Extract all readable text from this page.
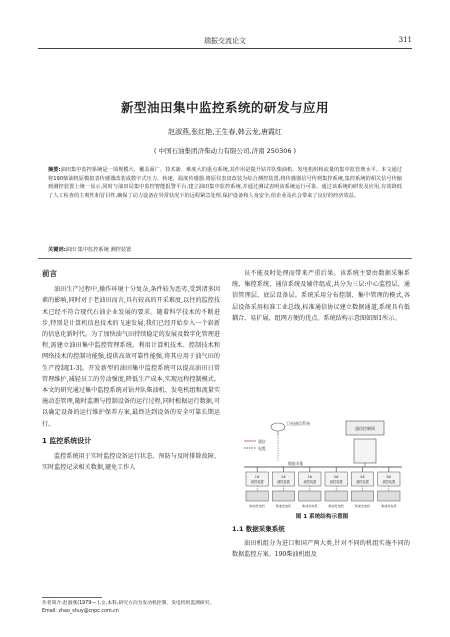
瑞振交流论文	311
新型油田集中监控系统的研发与应用
赵淑燕,张红艳,王生春,韩云龙,唐霞红
( 中国石油集团济柴动力有限公司,济南 250306 )
摘要:油田集中监控系统是一项规模大、覆盖面广、技术新、难度大的重点系统,其作用是提升钻井队柴油机、发电机组和流量的集中监管理水平。本文通过将190柴油机原模拟表传感器改装成数字式压力、转速、温度传感器,将原仪表盘改装为综合测控装置,将传感器信号传到集控系统,集控系统的相关信号传输到测控装置上统一显示,同时与油田局集中监控智能报警平台,建立油田集中监控系统,并通过测试表明该系统运行可靠。通过该系统的研发及应用,有效降低了人工检查的主观性和冒目性,确保了动力设备在异常状况下的远程紧急处理,保护设备和人身安全,给企业及社会带来了良好的经济效益。
关键词:油田 集中监控系统 测控装置
前言

油田生产过程中,操作环境十分复杂,条件较为恶劣,受到诸多因素的影响,同时对于老油田而言,具有较高的开采难度,以往的监控技术已经不符合现代石油企业发展的要求。随着科学技术的不断进步,特别是计算机信息技术的飞速发展,我们已经开始步入一个崭新的信息化新时代。为了加快油气田持续稳定的发展及数字化管理进程,需建立油田集中监控管理系统。利用计算机技术、控制技术和网络技术的控制功能强,提供高效可靠性能强,将其应用于油气田的生产控制[1-3]。开发新型的油田集中监控系统可以提高油田日常管理维护,减轻员工的劳动强度,降低生产成本,实现远程控制模式。本文的研究通过集中监控系统对钻井队柴油机、发电机组和流量实施动态管理,随时监测与控制设备的运行过程,同时根据运行数据,可以确定设备的运行维护保养方案,最终达到设备的安全可靠长期运行。

1 监控系统设计

监控系统用于实时监控设备运行状态、预防与及时排除故障、实时监控记录相关数据,避免工作人

员不能及时处理而带来严重后果。该系统主要由数据采集系统、集控系统、通信系统及辅伴组成,共分为三层:中心监控层、通信管理层、底层设备层。系统采用分布控制、集中管理的模式,各层设备采用标准工业总线,标准通信协议建立数据通道,系统具有低耦合、易扩展、组网方便的优点。系统结构示意图如图1所示。

卫星通信系统
通信控制网
通信
电缆
数据采集
1#
测控装置
柴油发电机
2#
测控装置
柴油发电机
3#
测控装置
柴油发电机
4#
测控装置
柴油发电机
5#
测控装置
柴油发电机
6#
测控装置
柴油发电机
图 1 系统结构示意图
1.1 数据采集系统

油田机组分为进口和国产两大类,针对不同的机组实施不同的数据监控方案。190柴油机组及

作者简介:赵淑燕(1979— ),女,本科,研究方向为发动机控制、发电机组监测研究。
Email: zhao_shuy@cnpc.com.cn
